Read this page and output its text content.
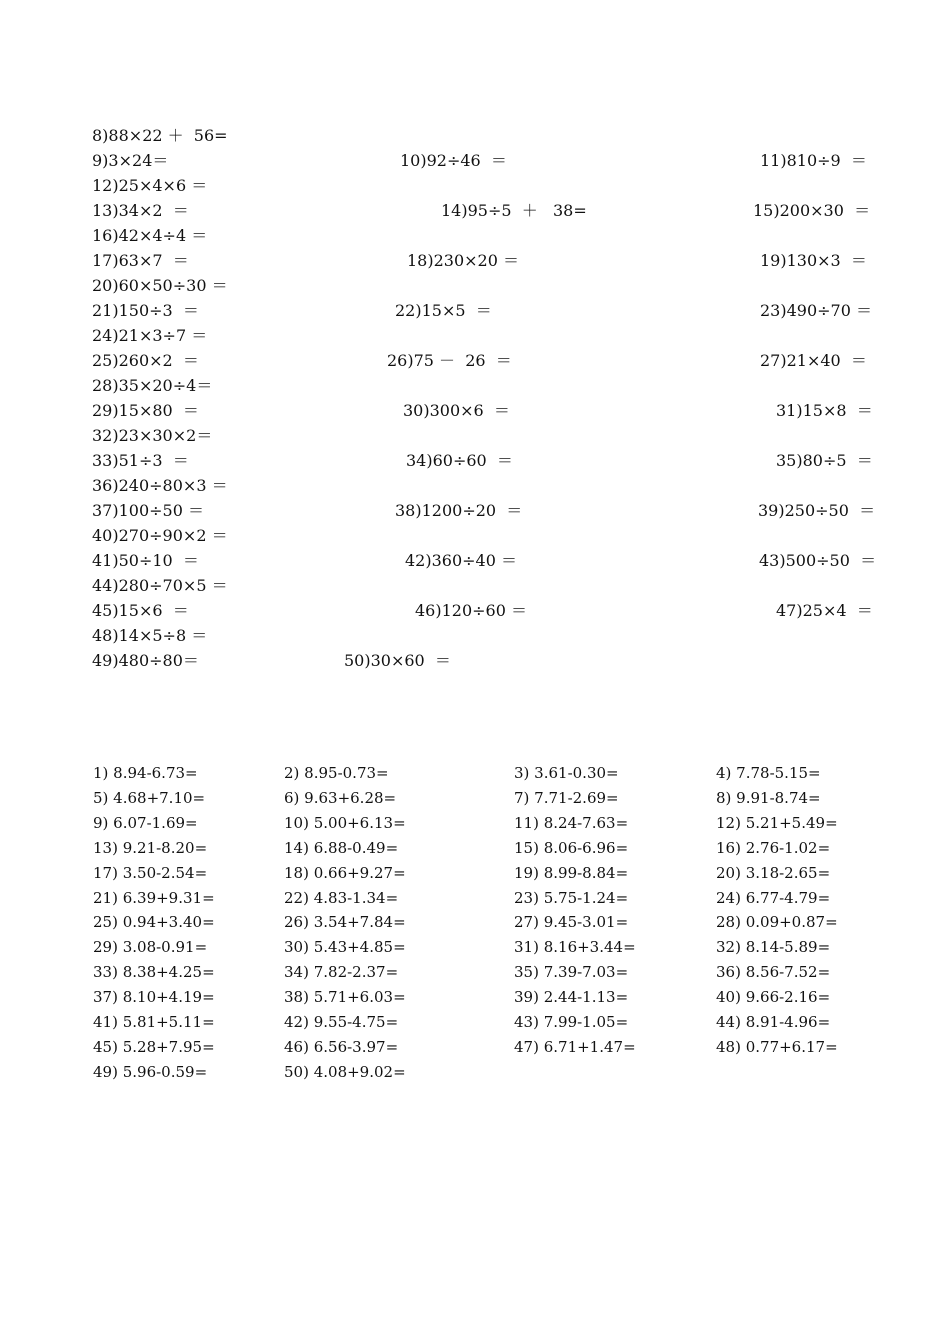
8)88×22 ＋  56=
9)3×24＝	10)92÷46  ＝	11)810÷9  ＝
12)25×4×6 ＝
13)34×2  ＝	14)95÷5  ＋   38=	15)200×30  ＝
16)42×4÷4 ＝
17)63×7  ＝	18)230×20 ＝	19)130×3  ＝
20)60×50÷30 ＝
21)150÷3  ＝	22)15×5  ＝	23)490÷70 ＝
24)21×3÷7 ＝
25)260×2  ＝	26)75 －  26  ＝	27)21×40  ＝
28)35×20÷4＝
29)15×80  ＝	30)300×6  ＝	31)15×8  ＝
32)23×30×2＝
33)51÷3  ＝	34)60÷60  ＝	35)80÷5  ＝
36)240÷80×3 ＝
37)100÷50 ＝	38)1200÷20  ＝	39)250÷50  ＝
40)270÷90×2 ＝
41)50÷10  ＝	42)360÷40 ＝	43)500÷50  ＝
44)280÷70×5 ＝
45)15×6  ＝	46)120÷60 ＝	47)25×4  ＝
48)14×5÷8 ＝
49)480÷80＝	50)30×60  ＝
1) 8.94-6.73=	2) 8.95-0.73=	3) 3.61-0.30=	4) 7.78-5.15=
5) 4.68+7.10=	6) 9.63+6.28=	7) 7.71-2.69=	8) 9.91-8.74=
9) 6.07-1.69=	10) 5.00+6.13=	11) 8.24-7.63=	12) 5.21+5.49=
13) 9.21-8.20=	14) 6.88-0.49=	15) 8.06-6.96=	16) 2.76-1.02=
17) 3.50-2.54=	18) 0.66+9.27=	19) 8.99-8.84=	20) 3.18-2.65=
21) 6.39+9.31=	22) 4.83-1.34=	23) 5.75-1.24=	24) 6.77-4.79=
25) 0.94+3.40=	26) 3.54+7.84=	27) 9.45-3.01=	28) 0.09+0.87=
29) 3.08-0.91=	30) 5.43+4.85=	31) 8.16+3.44=	32) 8.14-5.89=
33) 8.38+4.25=	34) 7.82-2.37=	35) 7.39-7.03=	36) 8.56-7.52=
37) 8.10+4.19=	38) 5.71+6.03=	39) 2.44-1.13=	40) 9.66-2.16=
41) 5.81+5.11=	42) 9.55-4.75=	43) 7.99-1.05=	44) 8.91-4.96=
45) 5.28+7.95=	46) 6.56-3.97=	47) 6.71+1.47=	48) 0.77+6.17=
49) 5.96-0.59=	50) 4.08+9.02=
